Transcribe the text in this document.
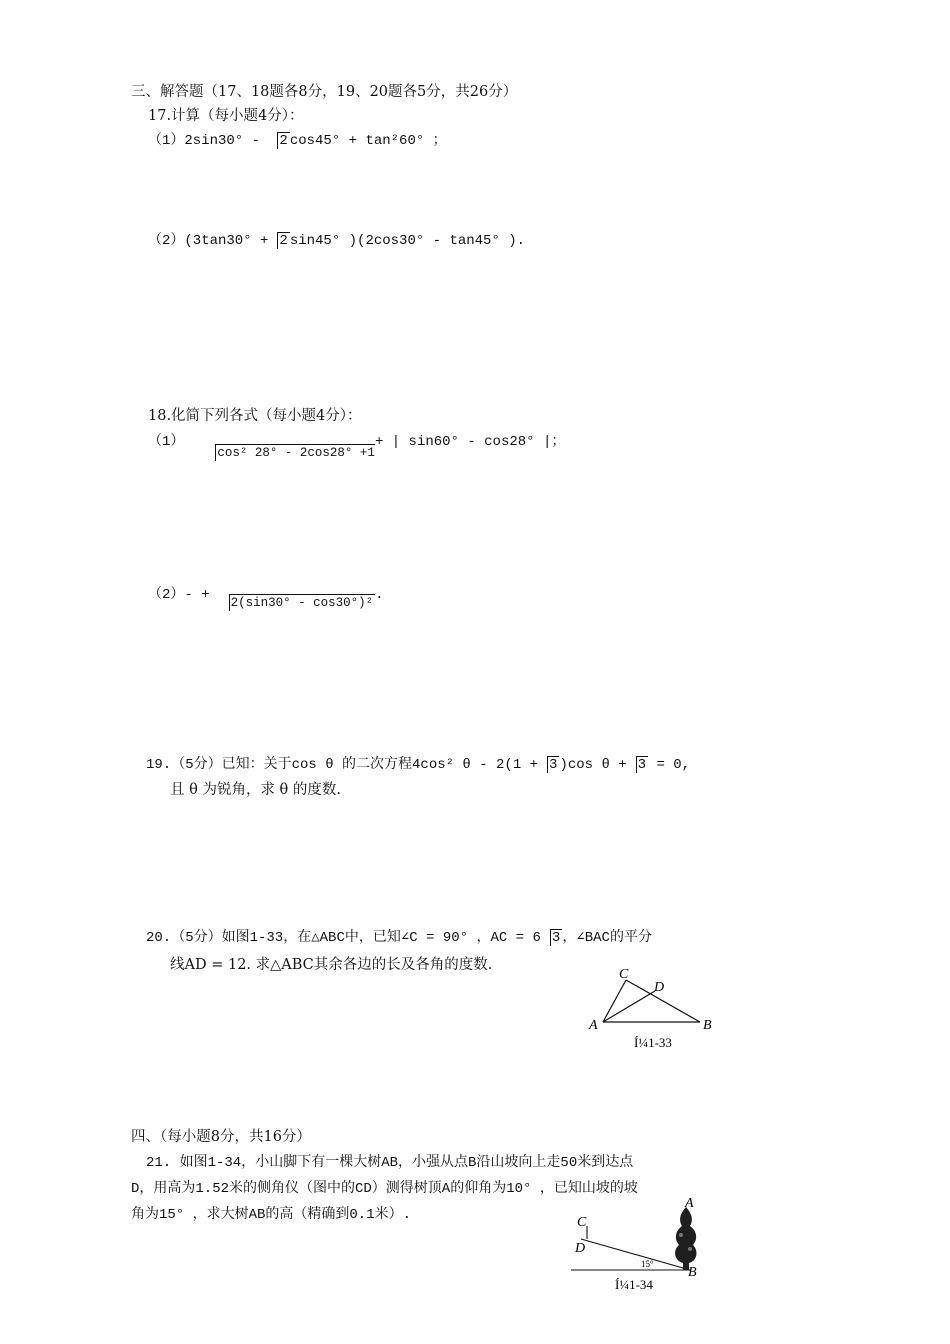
三、解答题（17、18题各8分，19、20题各5分，共26分）
17.计算（每小题4分）：
（1）2sin30° - 2 cos45° + tan²60° ；
（2）(3tan30° + 2 sin45° )(2cos30° - tan45° ).
18.化简下列各式（每小题4分）：
（1）cos² 28° - 2cos28° +1+ | sin60° - cos28° |；
（2）- + 2(sin30° - cos30°)² .
19.（5分）已知：关于cos θ 的二次方程4cos² θ - 2(1 + 3 )cos θ + 3 = 0,
且 θ 为锐角，求 θ 的度数.
20.（5分）如图1-33，在△ABC中，已知∠C = 90° ，AC = 6 3 ，∠BAC的平分
线AD = 12. 求△ABC其余各边的长及各角的度数.
C
D
A	B
Í¼1-33
四、（每小题8分，共16分）
21. 如图1-34，小山脚下有一棵大树AB，小强从点B沿山坡向上走50米到达点
D，用高为1.52米的侧角仪（图中的CD）测得树顶A的仰角为10° ，已知山坡的坡
角为15° ，求大树AB的高（精确到0.1米）.	C
D
A
B
15°
Í¼1-34
